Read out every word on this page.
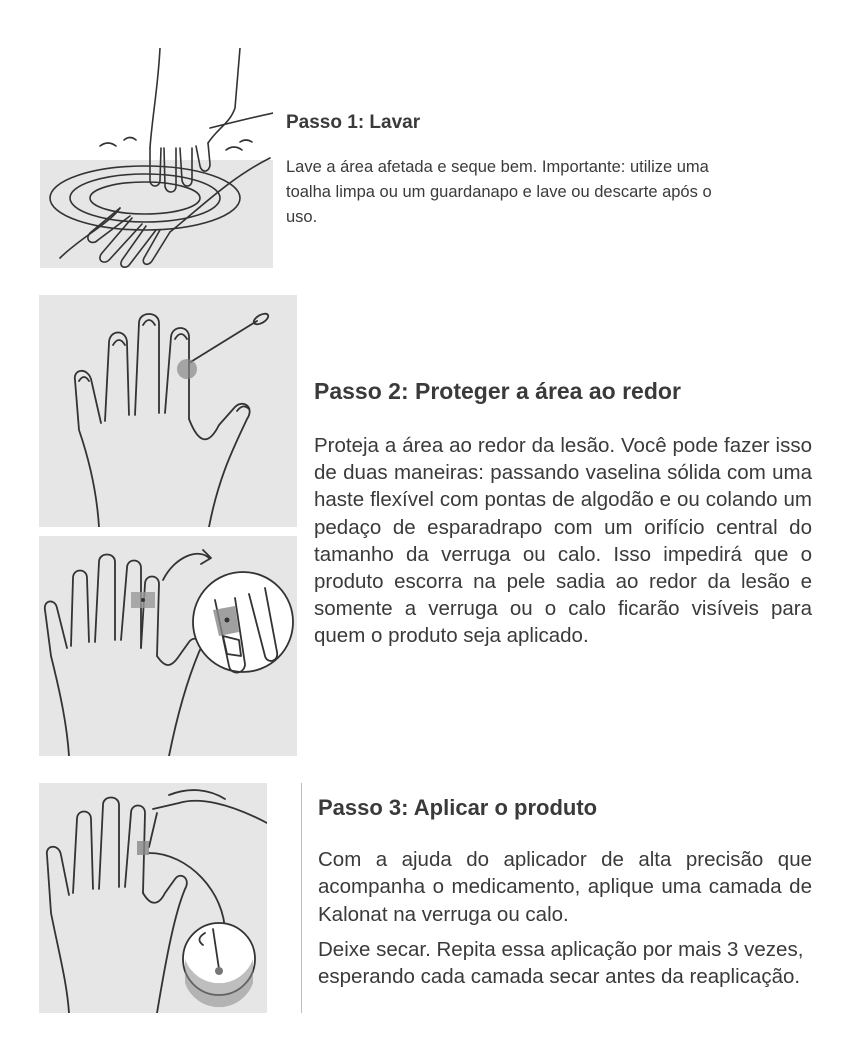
Passo 1: Lavar

Lave a área afetada e seque bem. Importante: utilize uma toalha limpa ou um guardanapo e lave ou descarte após o uso.

Passo 2: Proteger a área ao redor

Proteja a área ao redor da lesão. Você pode fazer isso de duas maneiras: passando vaselina sólida com uma haste flexível com pontas de algodão e ou colando um pedaço de esparadrapo com um orifício central do tamanho da verruga ou calo. Isso impedirá que o produto escorra na pele sadia ao redor da lesão e somente a verruga ou o calo ficarão visíveis para quem o produto seja aplicado.

Passo 3: Aplicar o produto

Com a ajuda do aplicador de alta precisão que acompanha o medicamento, aplique uma camada de Kalonat na verruga ou calo.

Deixe secar. Repita essa aplicação por mais 3 vezes, esperando cada camada secar antes da reaplicação.
